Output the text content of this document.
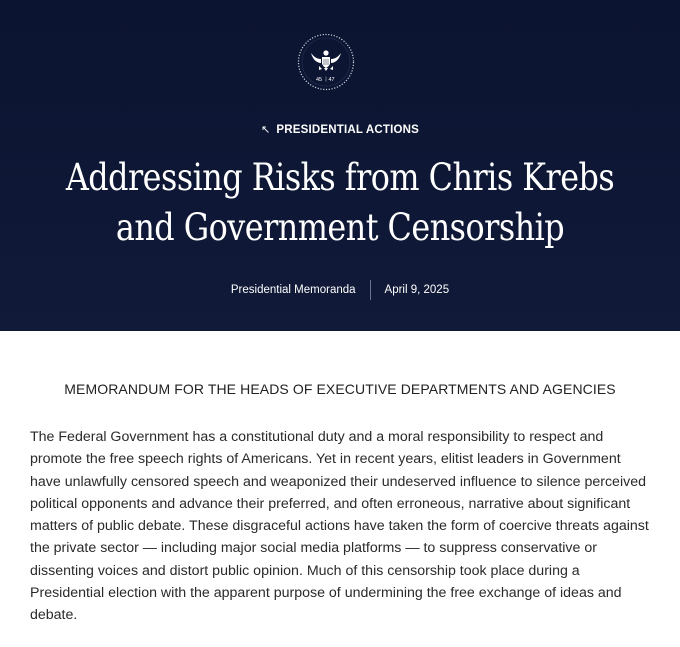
45 47
↖ PRESIDENTIAL ACTIONS
Addressing Risks from Chris Krebs
and Government Censorship
Presidential Memoranda	April 9, 2025
MEMORANDUM FOR THE HEADS OF EXECUTIVE DEPARTMENTS AND AGENCIES

The Federal Government has a constitutional duty and a moral responsibility to respect and promote the free speech rights of Americans. Yet in recent years, elitist leaders in Government have unlawfully censored speech and weaponized their undeserved influence to silence perceived political opponents and advance their preferred, and often erroneous, narrative about significant matters of public debate. These disgraceful actions have taken the form of coercive threats against the private sector — including major social media platforms — to suppress conservative or dissenting voices and distort public opinion. Much of this censorship took place during a Presidential election with the apparent purpose of undermining the free exchange of ideas and debate.
